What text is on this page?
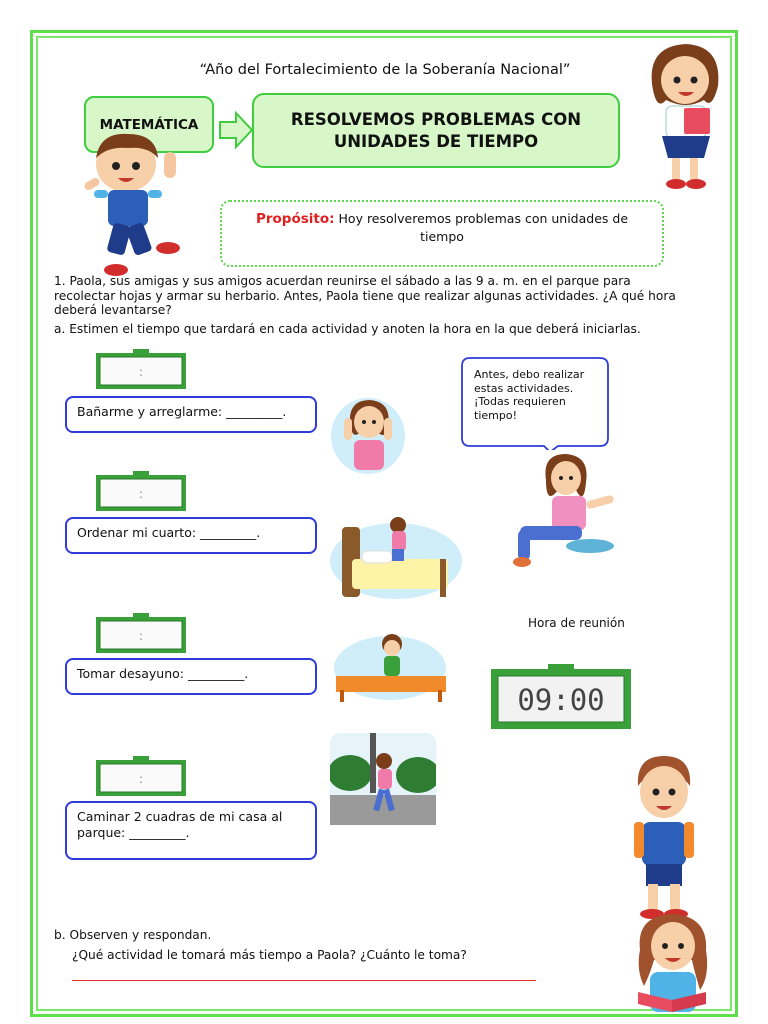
“Año del Fortalecimiento de la Soberanía Nacional”
MATEMÁTICA	RESOLVEMOS PROBLEMAS CON UNIDADES DE TIEMPO
Propósito: Hoy resolveremos problemas con unidades de tiempo
1. Paola, sus amigas y sus amigos acuerdan reunirse el sábado a las 9 a. m. en el parque para recolectar hojas y armar su herbario. Antes, Paola tiene que realizar algunas actividades. ¿A qué hora deberá levantarse?
a. Estimen el tiempo que tardará en cada actividad y anoten la hora en la que deberá iniciarlas.
:
:
:
:
Bañarme y arreglarme: _________.
Ordenar mi cuarto: _________.
Tomar desayuno: _________.
Caminar 2 cuadras de mi casa al parque: _________.
Antes, debo realizar estas actividades. ¡Todas requieren tiempo!
Hora de reunión
09:00
b. Observen y respondan.
¿Qué actividad le tomará más tiempo a Paola? ¿Cuánto le toma?
